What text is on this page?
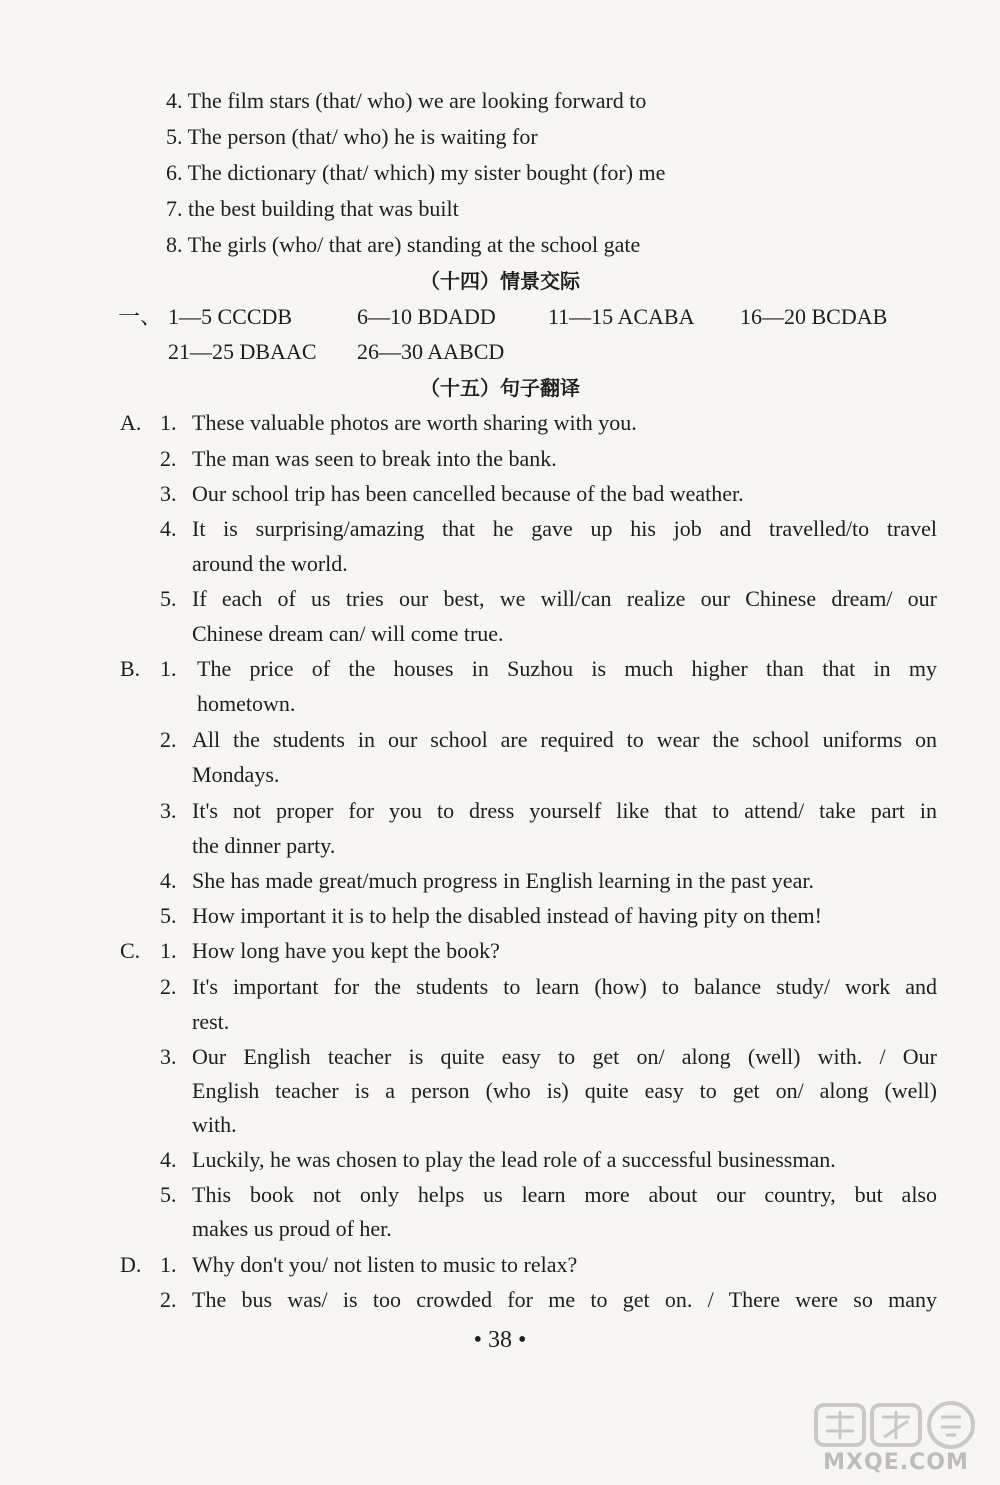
4. The film stars (that/ who) we are looking forward to
5. The person (that/ who) he is waiting for
6. The dictionary (that/ which) my sister bought (for) me
7. the best building that was built
8. The girls (who/ that are) standing at the school gate
（十四）情景交际
一、 1—5 CCCDB	6—10 BDADD 11—15 ACABA 16—20 BCDAB
21—25 DBAAC 26—30 AABCD
（十五）句子翻译
A. 1. These valuable photos are worth sharing with you.
2. The man was seen to break into the bank.
3. Our school trip has been cancelled because of the bad weather.
4. It is surprising/amazing that he gave up his job and travelled/to travel
around the world.
5. If each of us tries our best, we will/can realize our Chinese dream/ our
Chinese dream can/ will come true.
B. 1. The price of the houses in Suzhou is much higher than that in my
hometown.
2. All the students in our school are required to wear the school uniforms on
Mondays.
3. It's not proper for you to dress yourself like that to attend/ take part in
the dinner party.
4. She has made great/much progress in English learning in the past year.
5. How important it is to help the disabled instead of having pity on them!
C. 1. How long have you kept the book?
2. It's important for the students to learn (how) to balance study/ work and
rest.
3. Our English teacher is quite easy to get on/ along (well) with. / Our
English teacher is a person (who is) quite easy to get on/ along (well)
with.
4. Luckily, he was chosen to play the lead role of a successful businessman.
5. This book not only helps us learn more about our country, but also
makes us proud of her.
D. 1. Why don't you/ not listen to music to relax?
2. The bus was/ is too crowded for me to get on. / There were so many
• 38 •
MXQE.COM
